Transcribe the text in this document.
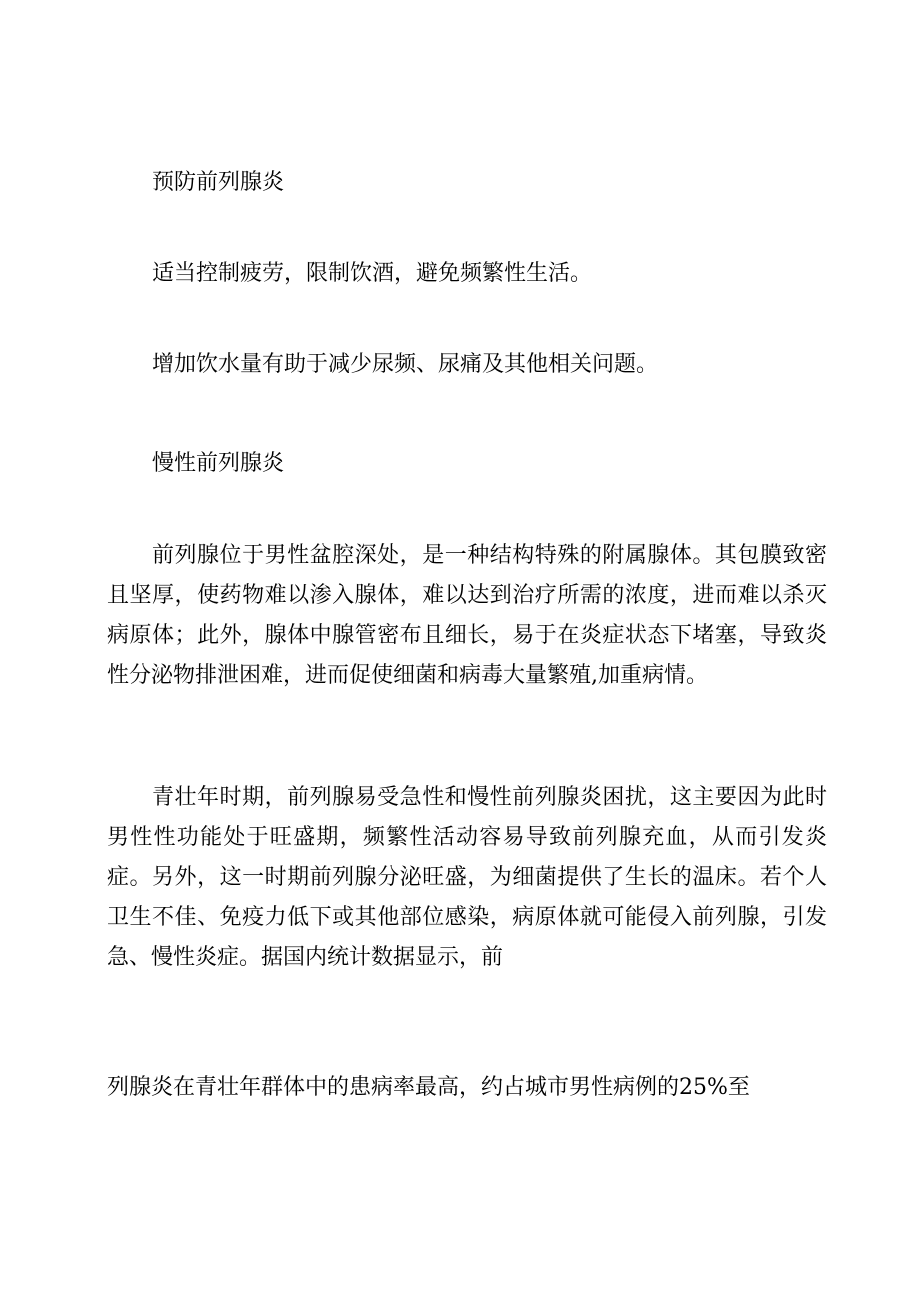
预防前列腺炎

适当控制疲劳，限制饮酒，避免频繁性生活。

增加饮水量有助于减少尿频、尿痛及其他相关问题。

慢性前列腺炎

前列腺位于男性盆腔深处，是一种结构特殊的附属腺体。其包膜致密且坚厚，使药物难以渗入腺体，难以达到治疗所需的浓度，进而难以杀灭病原体；此外，腺体中腺管密布且细长，易于在炎症状态下堵塞，导致炎性分泌物排泄困难，进而促使细菌和病毒大量繁殖,加重病情。

青壮年时期，前列腺易受急性和慢性前列腺炎困扰，这主要因为此时男性性功能处于旺盛期，频繁性活动容易导致前列腺充血，从而引发炎症。另外，这一时期前列腺分泌旺盛，为细菌提供了生长的温床。若个人卫生不佳、免疫力低下或其他部位感染，病原体就可能侵入前列腺，引发急、慢性炎症。据国内统计数据显示，前

列腺炎在青壮年群体中的患病率最高，约占城市男性病例的25%至
